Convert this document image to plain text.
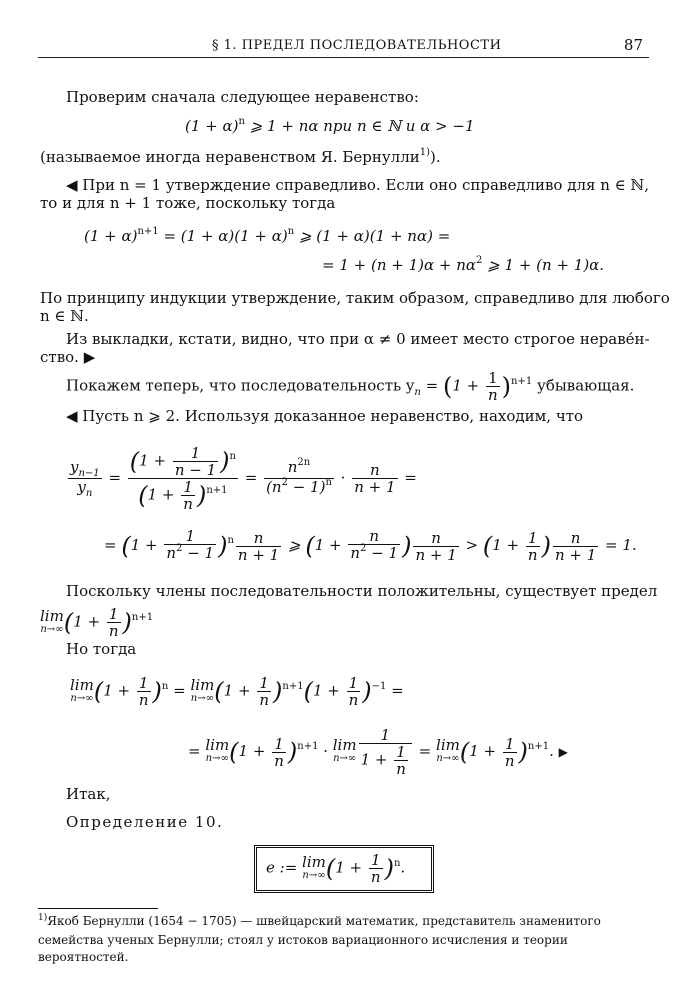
§ 1. ПРЕДЕЛ ПОСЛЕДОВАТЕЛЬНОСТИ	87
Проверим сначала следующее неравенство:
$(1 + \alpha)^n$ ⩾ 1 + nα при n ∈ ℕ и α > −1
(называемое иногда неравенством Я. Бернулли$^{1)}$).
◀ При n = 1 утверждение справедливо. Если оно справедливо для n ∈ ℕ,
то и для n + 1 тоже, поскольку тогда
$(1 + \alpha)^{n+1} = (1 + \alpha)(1 + \alpha)^n$ ⩾ (1 + α)(1 + nα) =
= $1 + (n + 1)\alpha + n\alpha^2$ ⩾ 1 + (n + 1)α.
По принципу индукции утверждение, таким образом, справедливо для любого
n ∈ ℕ.
Из выкладки, кстати, видно, что при α ≠ 0 имеет место строгое нераве́н-
ство. ▶
Покажем теперь, что последовательность $y_n = (1 + \frac{1}{n} )^{n+1}$ убывающая.
◀ Пусть n ⩾ 2. Используя доказанное неравенство, находим, что
$\frac{y_{n-1}}{y_n} = \frac{(1 + \frac{1}{n - 1} )^n}{(1 + \frac{1}{n} )^{n+1}} = \frac{n^{2n}}{(n^2 - 1)^n} \cdot \frac{n}{n + 1}$ =
= $(1 + \frac{1}{n^2 - 1} )^n \frac{n}{n + 1}$ ⩾ ($1 + \frac{n}{n^2 - 1}$ ) $\frac{n}{n + 1} > (1 + \frac{1}{n}$ ) $\frac{n}{n + 1} = 1$.
Поскольку члены последовательности положительны, существует предел
lim
n→∞ $(1 + \frac{1}{n} )^{n+1}$
Но тогда
lim
n→∞ $(1 + \frac{1}{n} )^n = \lim$
n→∞ $(1 + \frac{1}{n} )^{n+1}(1 + \frac{1}{n} )^{-1}$ =
= lim
n→∞ $(1 + \frac{1}{n} )^{n+1} \cdot \lim$
$n\to\infty \frac{1}{1 + \frac{1}{n}} = \lim$
n→∞ $(1 + \frac{1}{n} )^{n+1}$. ▶
Итак,
Определение 10.
e := lim
n→∞ $(1 + \frac{1}{n} )^n$.
$^{1)}$Якоб Бернулли (1654 − 1705) — швейцарский математик, представитель знаменитого семейства ученых Бернулли; стоял у истоков вариационного исчисления и теории вероятностей.
